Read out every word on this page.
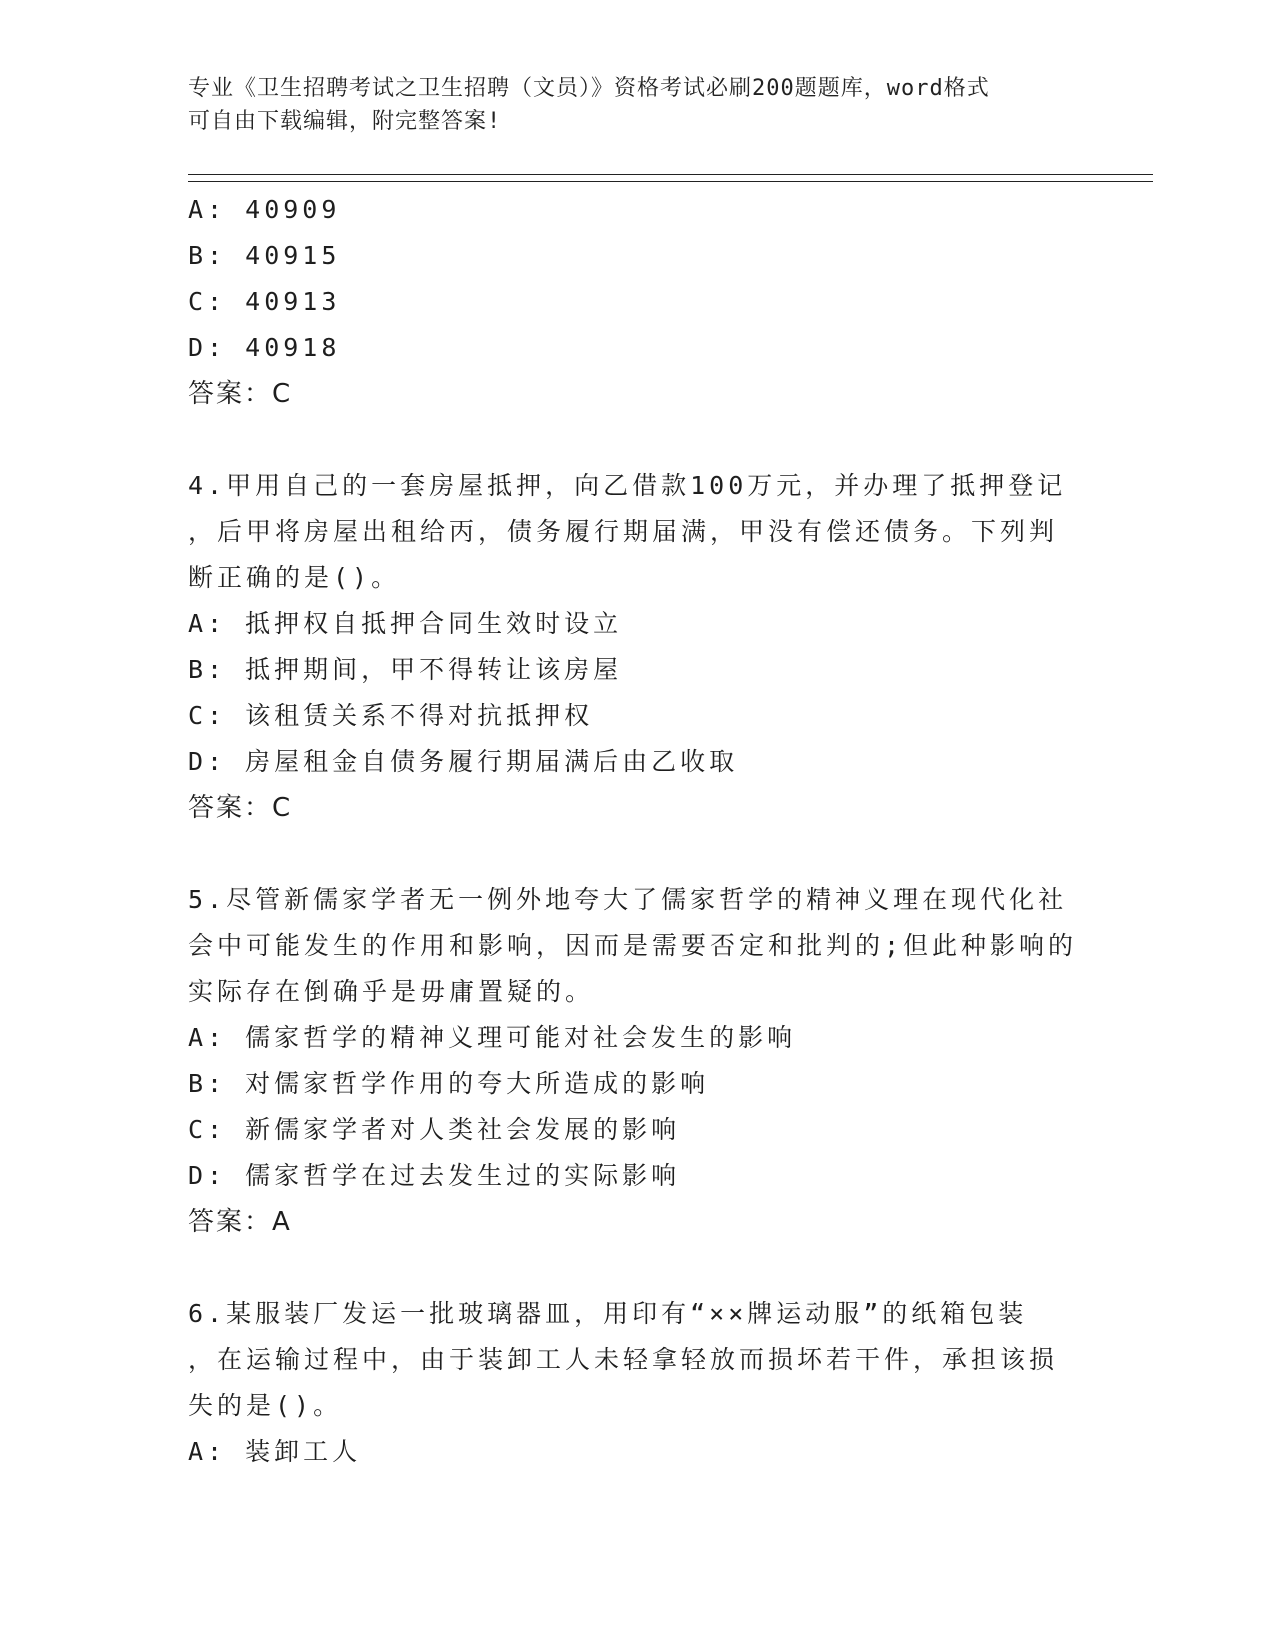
专业《卫生招聘考试之卫生招聘（文员）》资格考试必刷200题题库，word格式
可自由下载编辑，附完整答案!
A: 40909
B: 40915
C: 40913
D: 40918
答案：C
4.甲用自己的一套房屋抵押，向乙借款100万元，并办理了抵押登记
，后甲将房屋出租给丙，债务履行期届满，甲没有偿还债务。下列判
断正确的是()。
A: 抵押权自抵押合同生效时设立
B: 抵押期间，甲不得转让该房屋
C: 该租赁关系不得对抗抵押权
D: 房屋租金自债务履行期届满后由乙收取
答案：C
5.尽管新儒家学者无一例外地夸大了儒家哲学的精神义理在现代化社
会中可能发生的作用和影响，因而是需要否定和批判的;但此种影响的
实际存在倒确乎是毋庸置疑的。
A: 儒家哲学的精神义理可能对社会发生的影响
B: 对儒家哲学作用的夸大所造成的影响
C: 新儒家学者对人类社会发展的影响
D: 儒家哲学在过去发生过的实际影响
答案：A
6.某服装厂发运一批玻璃器皿，用印有“××牌运动服”的纸箱包装
，在运输过程中，由于装卸工人未轻拿轻放而损坏若干件，承担该损
失的是()。
A: 装卸工人
